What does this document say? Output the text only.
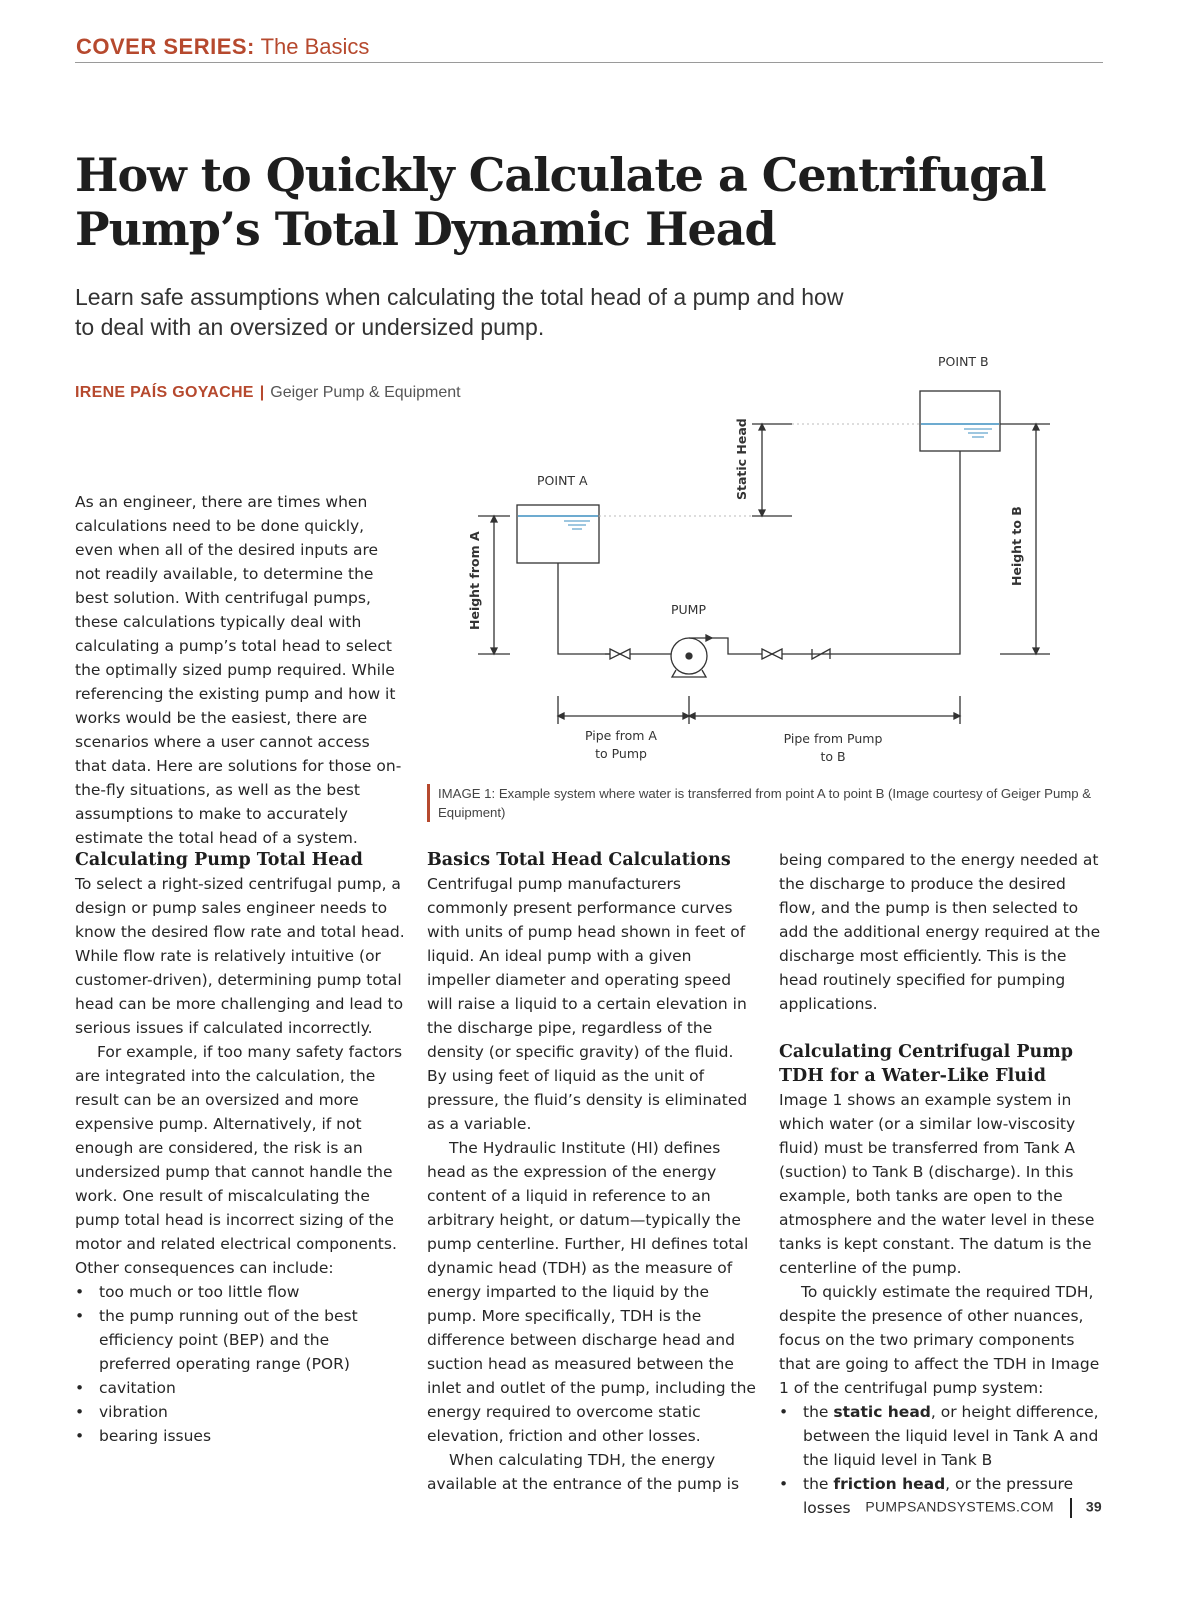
COVER SERIES: The Basics
How to Quickly Calculate a Centrifugal
Pump’s Total Dynamic Head
Learn safe assumptions when calculating the total head of a pump and how
to deal with an oversized or undersized pump.
IRENE PAÍS GOYACHE | Geiger Pump & Equipment
As an engineer, there are times when calculations need to be done quickly, even when all of the desired inputs are not readily available, to determine the best solution. With centrifugal pumps, these calculations typically deal with calculating a pump’s total head to select the optimally sized pump required. While referencing the existing pump and how it works would be the easiest, there are scenarios where a user cannot access that data. Here are solutions for those on-the-fly situations, as well as the best assumptions to make to accurately estimate the total head of a system.
POINT A
POINT B
PUMP
Static Head
Height from A	Height to B
Pipe from A
to Pump
Pipe from Pump
to B
IMAGE 1: Example system where water is transferred from point A to point B (Image courtesy of Geiger Pump & Equipment)
Calculating Pump Total Head

To select a right-sized centrifugal pump, a design or pump sales engineer needs to know the desired flow rate and total head. While flow rate is relatively intuitive (or customer-driven), determining pump total head can be more challenging and lead to serious issues if calculated incorrectly.

For example, if too many safety factors are integrated into the calculation, the result can be an oversized and more expensive pump. Alternatively, if not enough are considered, the risk is an undersized pump that cannot handle the work. One result of miscalculating the pump total head is incorrect sizing of the motor and related electrical components. Other consequences can include:

• too much or too little flow
• the pump running out of the best efficiency point (BEP) and the preferred operating range (POR)
• cavitation
• vibration
• bearing issues
Basics Total Head Calculations

Centrifugal pump manufacturers commonly present performance curves with units of pump head shown in feet of liquid. An ideal pump with a given impeller diameter and operating speed will raise a liquid to a certain elevation in the discharge pipe, regardless of the density (or specific gravity) of the fluid. By using feet of liquid as the unit of pressure, the fluid’s density is eliminated as a variable.

The Hydraulic Institute (HI) defines head as the expression of the energy content of a liquid in reference to an arbitrary height, or datum—typically the pump centerline. Further, HI defines total dynamic head (TDH) as the measure of energy imparted to the liquid by the pump. More specifically, TDH is the difference between discharge head and suction head as measured between the inlet and outlet of the pump, including the energy required to overcome static elevation, friction and other losses.

When calculating TDH, the energy available at the entrance of the pump is

being compared to the energy needed at the discharge to produce the desired flow, and the pump is then selected to add the additional energy required at the discharge most efficiently. This is the head routinely specified for pumping applications.

Calculating Centrifugal Pump
TDH for a Water-Like Fluid

Image 1 shows an example system in which water (or a similar low-viscosity fluid) must be transferred from Tank A (suction) to Tank B (discharge). In this example, both tanks are open to the atmosphere and the water level in these tanks is kept constant. The datum is the centerline of the pump.

To quickly estimate the required TDH, despite the presence of other nuances, focus on the two primary components that are going to affect the TDH in Image 1 of the centrifugal pump system:

• the static head, or height difference, between the liquid level in Tank A and the liquid level in Tank B
• the friction head, or the pressure losses	PUMPSANDSYSTEMS.COM 39
